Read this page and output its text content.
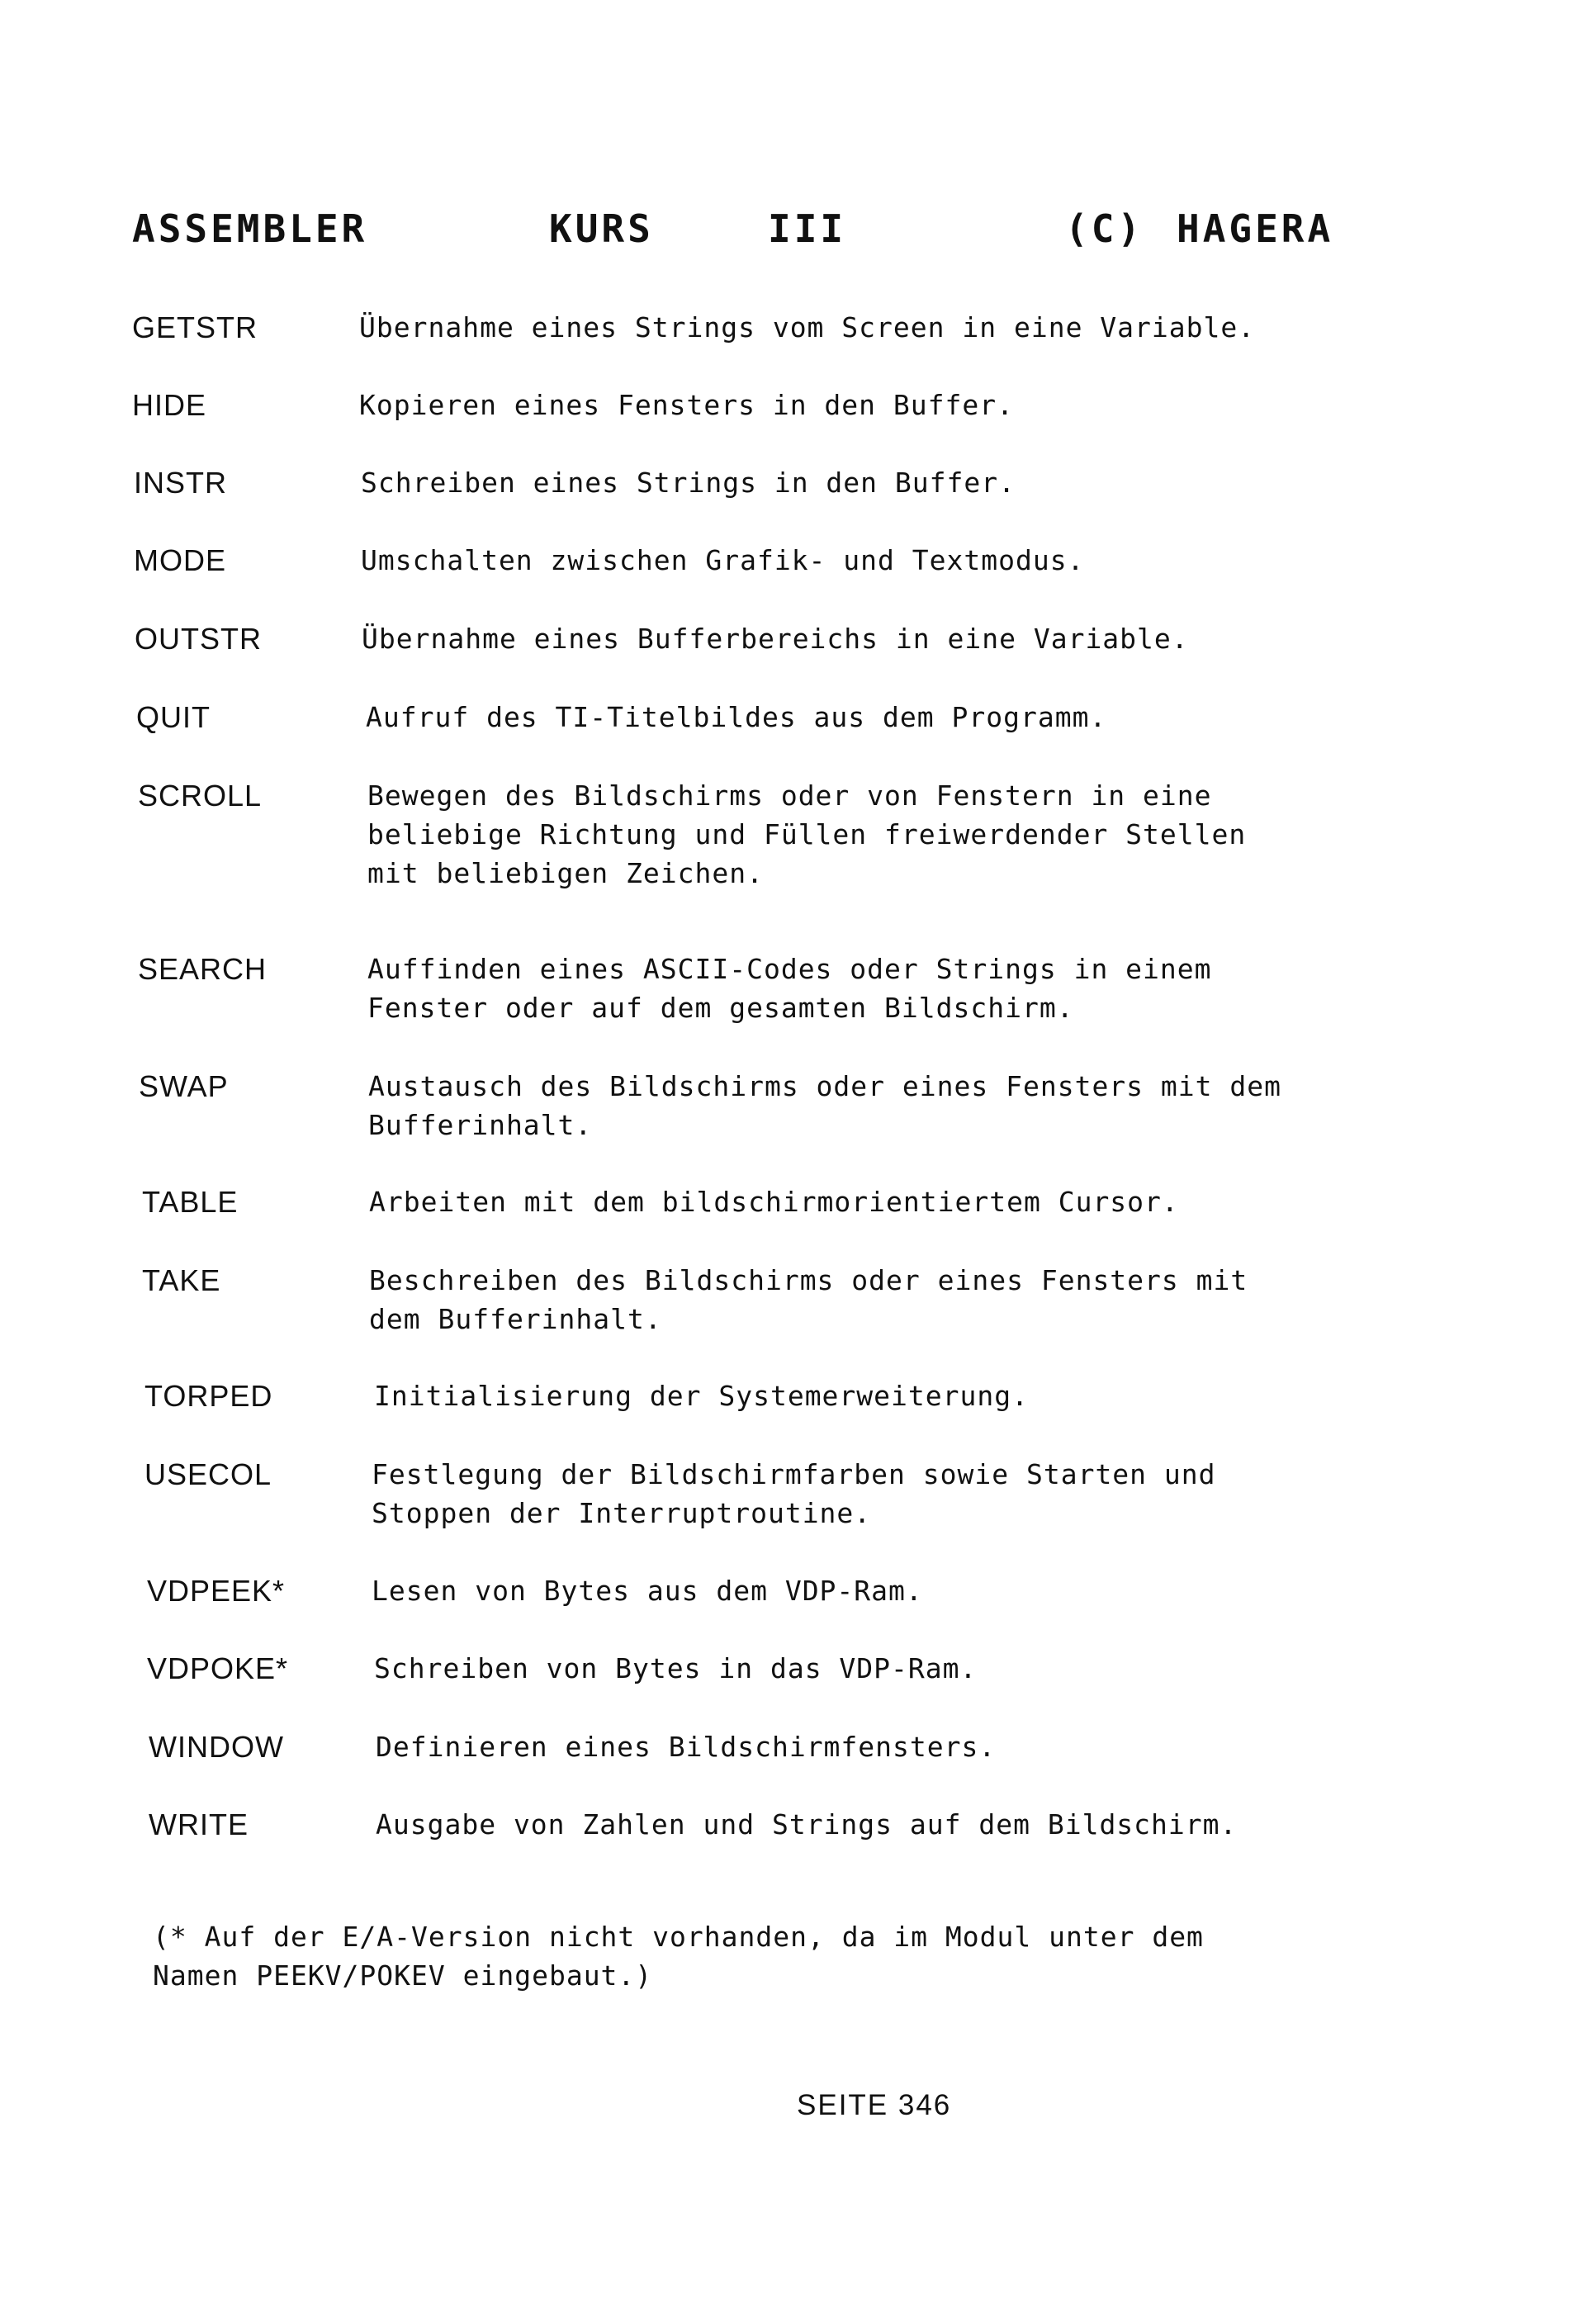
ASSEMBLER	KURS	III	(C) HAGERA
GETSTR	Übernahme eines Strings vom Screen in eine Variable.
HIDE	Kopieren eines Fensters in den Buffer.
INSTR	Schreiben eines Strings in den Buffer.
MODE	Umschalten zwischen Grafik- und Textmodus.
OUTSTR	Übernahme eines Bufferbereichs in eine Variable.
QUIT	Aufruf des TI-Titelbildes aus dem Programm.
SCROLL	Bewegen des Bildschirms oder von Fenstern in eine
beliebige Richtung und Füllen freiwerdender Stellen
mit beliebigen Zeichen.
SEARCH	Auffinden eines ASCII-Codes oder Strings in einem
Fenster oder auf dem gesamten Bildschirm.
SWAP	Austausch des Bildschirms oder eines Fensters mit dem
Bufferinhalt.
TABLE	Arbeiten mit dem bildschirmorientiertem Cursor.
TAKE	Beschreiben des Bildschirms oder eines Fensters mit
dem Bufferinhalt.
TORPED	Initialisierung der Systemerweiterung.
USECOL	Festlegung der Bildschirmfarben sowie Starten und
Stoppen der Interruptroutine.
VDPEEK*	Lesen von Bytes aus dem VDP-Ram.
VDPOKE*	Schreiben von Bytes in das VDP-Ram.
WINDOW	Definieren eines Bildschirmfensters.
WRITE	Ausgabe von Zahlen und Strings auf dem Bildschirm.
(* Auf der E/A-Version nicht vorhanden, da im Modul unter dem
Namen PEEKV/POKEV eingebaut.)
SEITE 346
